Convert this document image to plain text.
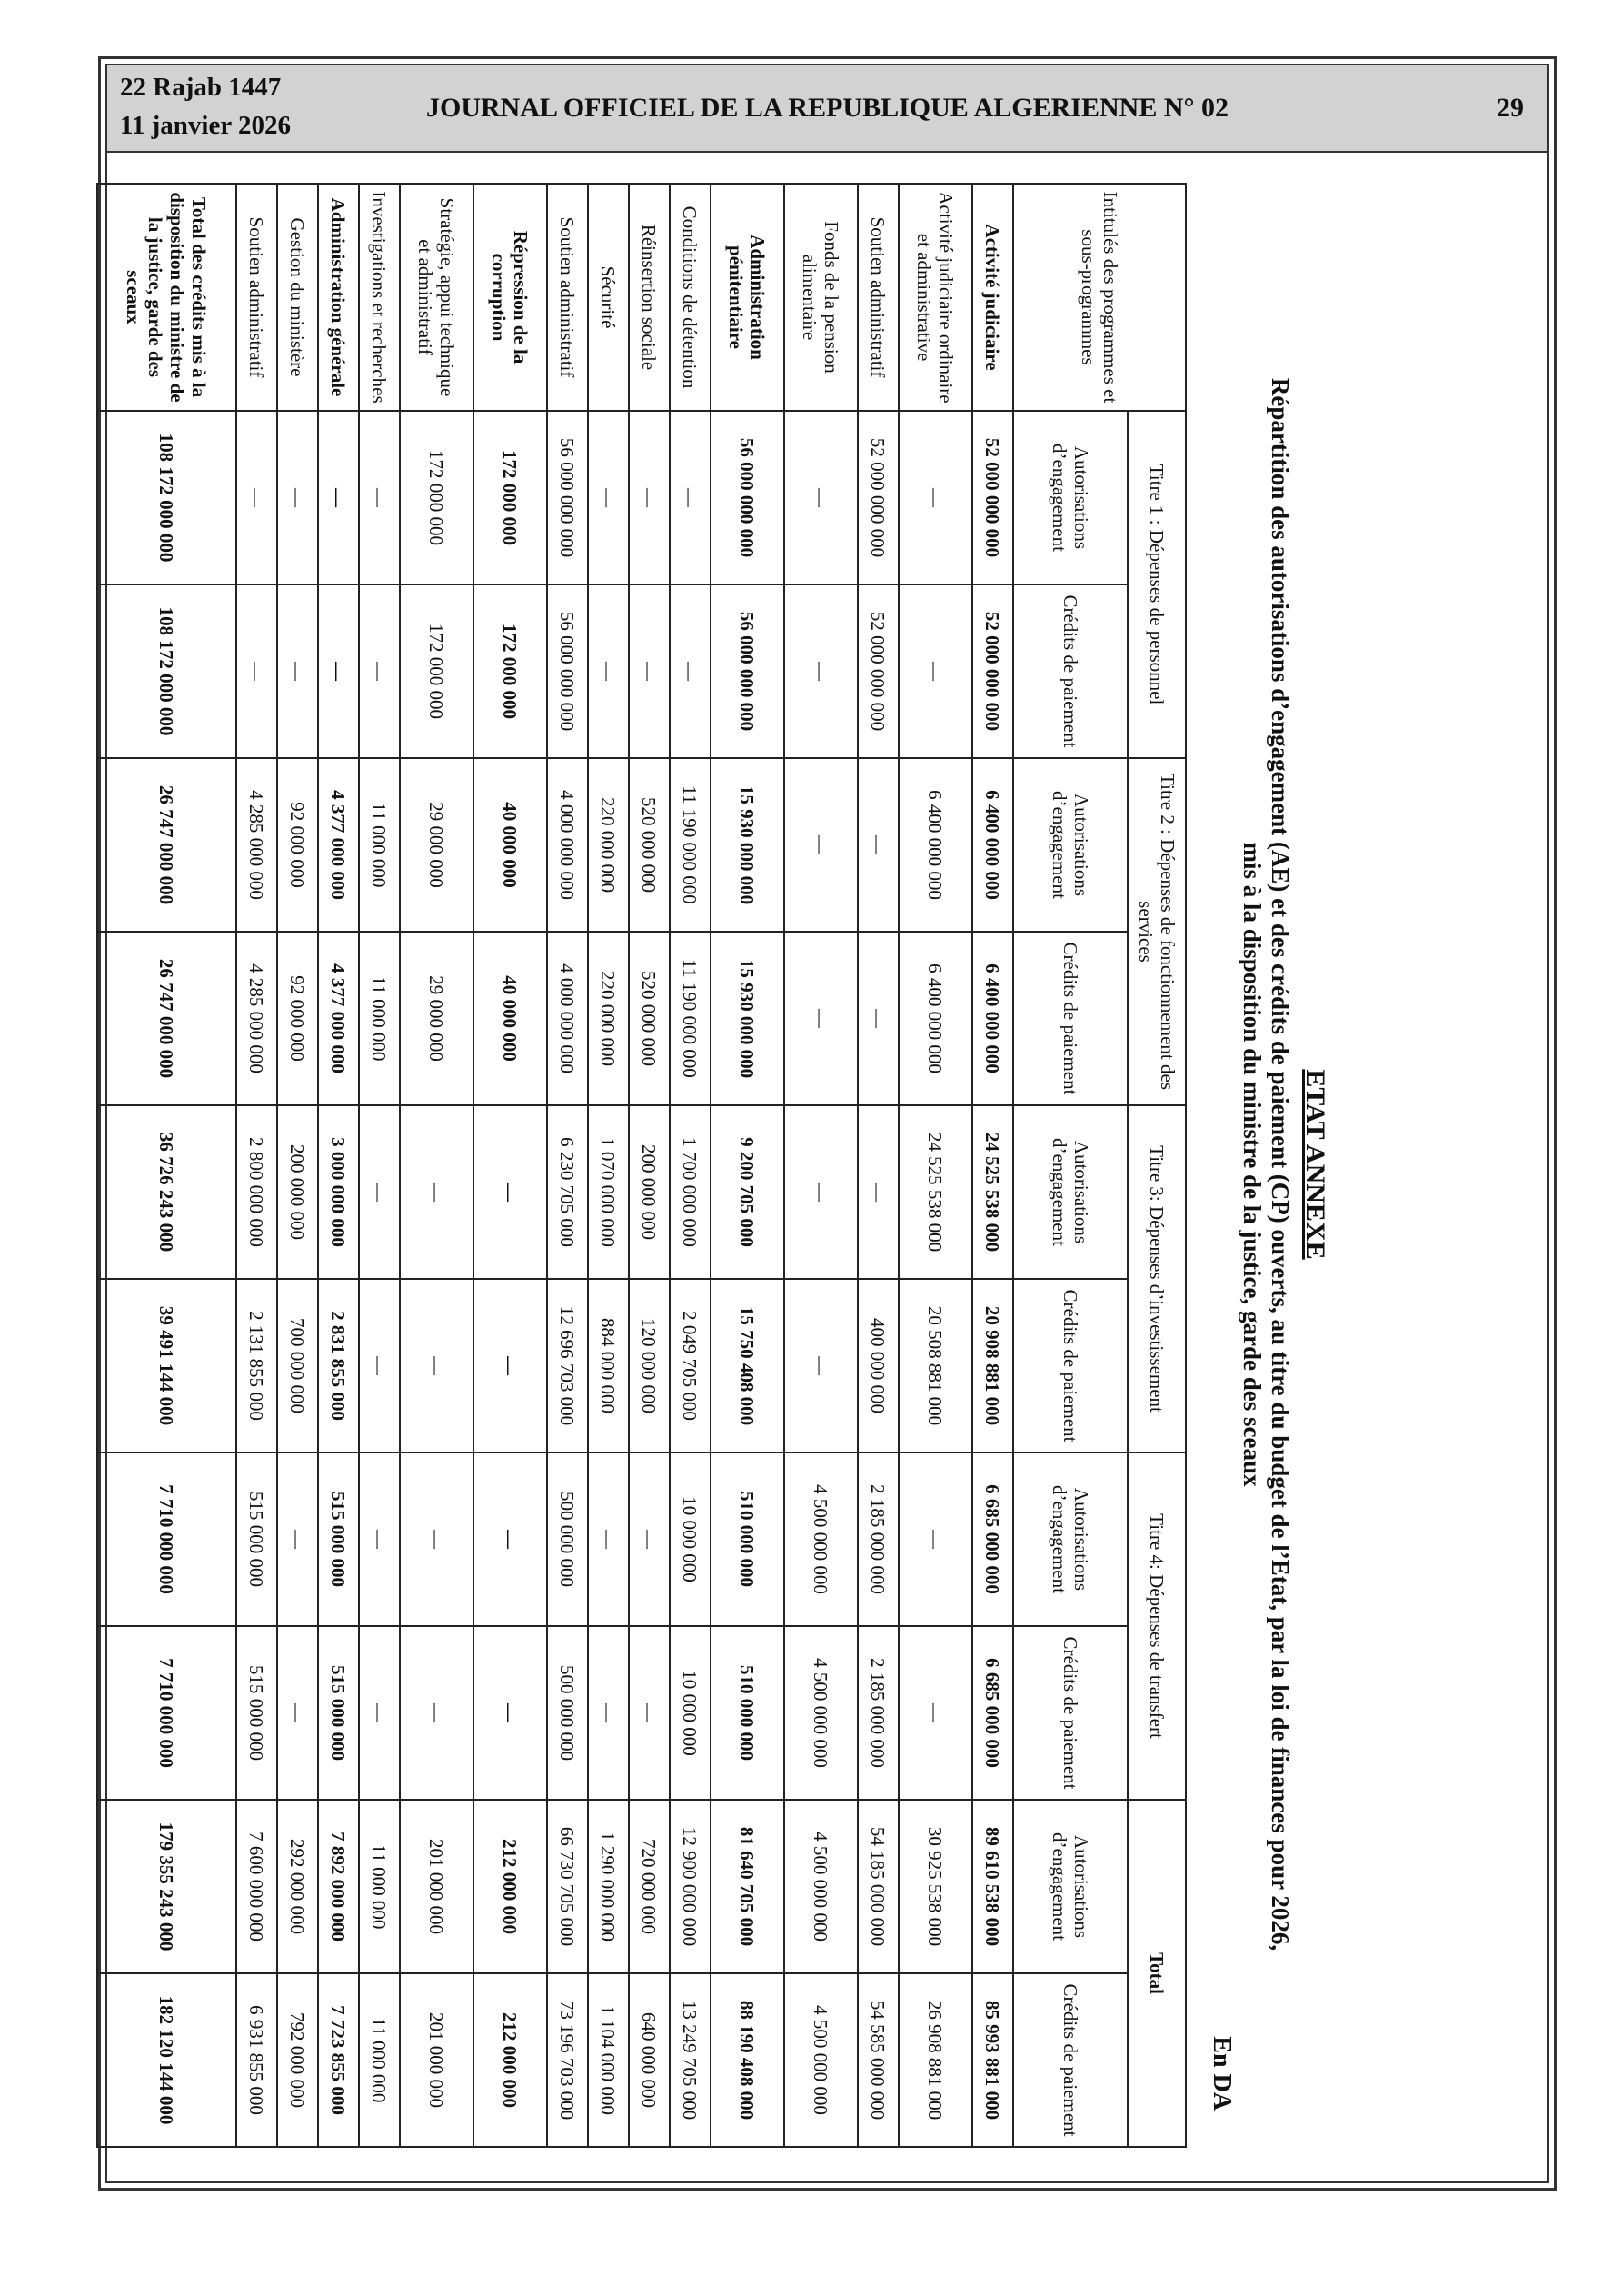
22 Rajab 1447
11 janvier 2026
JOURNAL OFFICIEL DE LA REPUBLIQUE ALGERIENNE N° 02	29
ETAT ANNEXE
Répartition des autorisations d’engagement (AE) et des crédits de paiement (CP) ouverts, au titre du budget de l’Etat, par la loi de finances pour 2026,
mis à la disposition du ministre de la justice, garde des sceaux
En DA
Intitulés des programmes et sous-programmes	Titre 1 : Dépenses de personnel		Titre 2 : Dépenses de fonctionnement des services		Titre 3: Dépenses d’investissement		Titre 4: Dépenses de transfert		Total	
	Autorisations d’engagement	Crédits de paiement	Autorisations d’engagement	Crédits de paiement	Autorisations d’engagement	Crédits de paiement	Autorisations d’engagement	Crédits de paiement	Autorisations d’engagement	Crédits de paiement
Activité judiciaire	52 000 000 000	52 000 000 000	6 400 000 000	6 400 000 000	24 525 538 000	20 908 881 000	6 685 000 000	6 685 000 000	89 610 538 000	85 993 881 000
Activité judiciaire ordinaire et administrative	—	—	6 400 000 000	6 400 000 000	24 525 538 000	20 508 881 000	—	—	30 925 538 000	26 908 881 000
Soutien administratif	52 000 000 000	52 000 000 000	—	—	—	400 000 000	2 185 000 000	2 185 000 000	54 185 000 000	54 585 000 000
Fonds de la pension alimentaire	—	—	—	—	—	—	4 500 000 000	4 500 000 000	4 500 000 000	4 500 000 000
Administration pénitentiaire	56 000 000 000	56 000 000 000	15 930 000 000	15 930 000 000	9 200 705 000	15 750 408 000	510 000 000	510 000 000	81 640 705 000	88 190 408 000
Conditions de détention	—	—	11 190 000 000	11 190 000 000	1 700 000 000	2 049 705 000	10 000 000	10 000 000	12 900 000 000	13 249 705 000
Réinsertion sociale	—	—	520 000 000	520 000 000	200 000 000	120 000 000	—	—	720 000 000	640 000 000
Sécurité	—	—	220 000 000	220 000 000	1 070 000 000	884 000 000	—	—	1 290 000 000	1 104 000 000
Soutien administratif	56 000 000 000	56 000 000 000	4 000 000 000	4 000 000 000	6 230 705 000	12 696 703 000	500 000 000	500 000 000	66 730 705 000	73 196 703 000
Répression de la corruption	172 000 000	172 000 000	40 000 000	40 000 000	—	—	—	—	212 000 000	212 000 000
Stratégie, appui technique et administratif	172 000 000	172 000 000	29 000 000	29 000 000	—	—	—	—	201 000 000	201 000 000
Investigations et recherches	—	—	11 000 000	11 000 000	—	—	—	—	11 000 000	11 000 000
Administration générale	—	—	4 377 000 000	4 377 000 000	3 000 000 000	2 831 855 000	515 000 000	515 000 000	7 892 000 000	7 723 855 000
Gestion du ministère	—	—	92 000 000	92 000 000	200 000 000	700 000 000	—	—	292 000 000	792 000 000
Soutien administratif	—	—	4 285 000 000	4 285 000 000	2 800 000 000	2 131 855 000	515 000 000	515 000 000	7 600 000 000	6 931 855 000
Total des crédits mis à la disposition du ministre de la justice, garde des sceaux	108 172 000 000	108 172 000 000	26 747 000 000	26 747 000 000	36 726 243 000	39 491 144 000	7 710 000 000	7 710 000 000	179 355 243 000	182 120 144 000
